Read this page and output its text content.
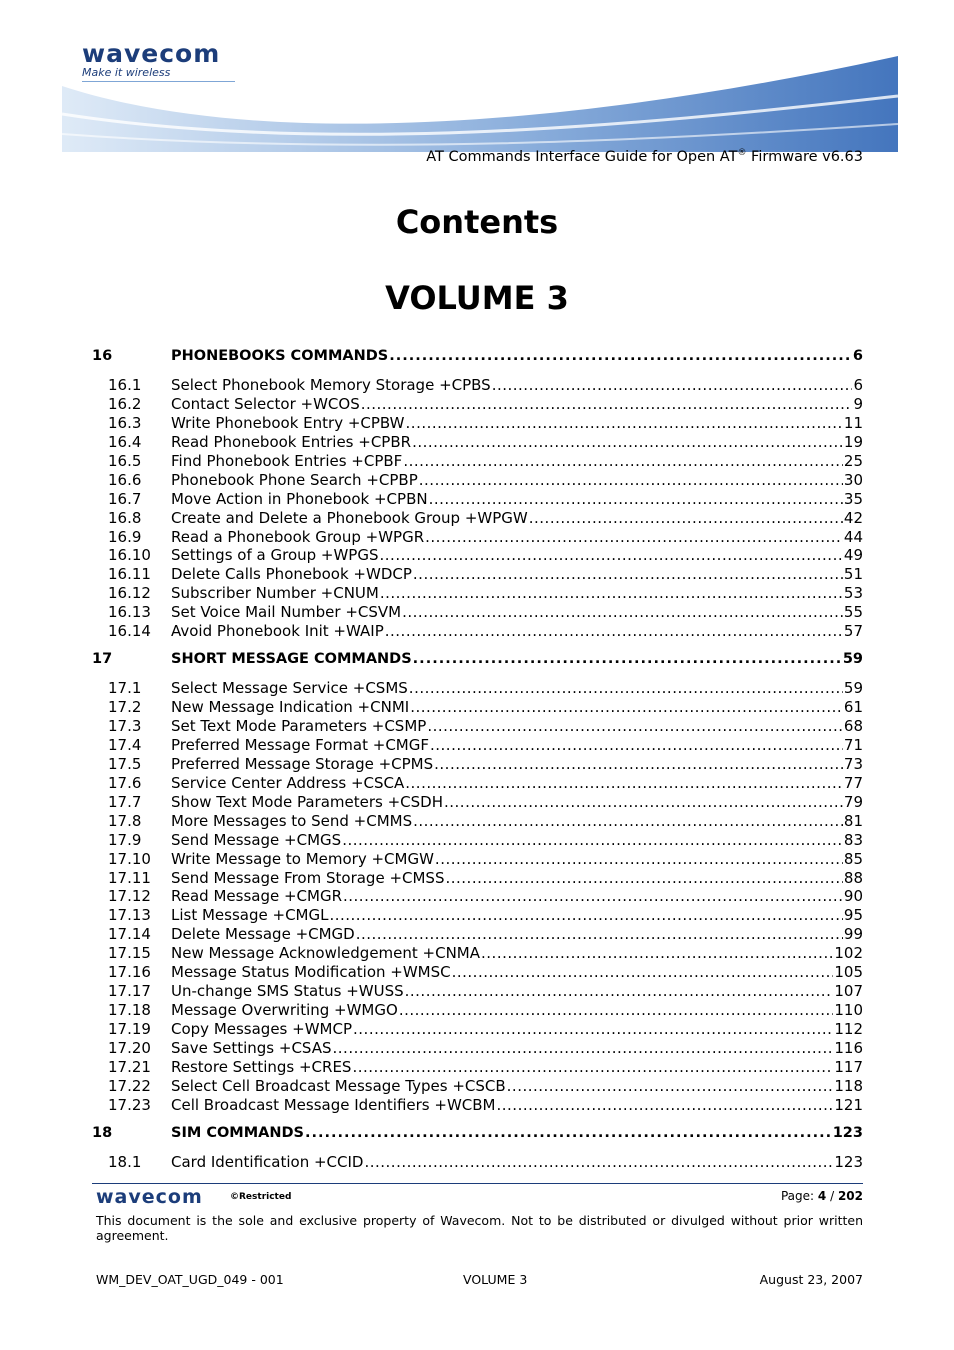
wavecom
Make it wireless
AT Commands Interface Guide for Open AT® Firmware v6.63
Contents
VOLUME 3
16	PHONEBOOKS COMMANDS .....	6
16.1	Select Phonebook Memory Storage +CPBS .....	6
16.2	Contact Selector +WCOS .....	9
16.3	Write Phonebook Entry +CPBW .....	11
16.4	Read Phonebook Entries +CPBR .....	19
16.5	Find Phonebook Entries +CPBF .....	25
16.6	Phonebook Phone Search +CPBP .....	30
16.7	Move Action in Phonebook +CPBN .....	35
16.8	Create and Delete a Phonebook Group +WPGW .....	42
16.9	Read a Phonebook Group +WPGR .....	44
16.10	Settings of a Group +WPGS .....	49
16.11	Delete Calls Phonebook +WDCP .....	51
16.12	Subscriber Number +CNUM .....	53
16.13	Set Voice Mail Number +CSVM .....	55
16.14	Avoid Phonebook Init +WAIP .....	57
17	SHORT MESSAGE COMMANDS .....	59
17.1	Select Message Service +CSMS .....	59
17.2	New Message Indication +CNMI .....	61
17.3	Set Text Mode Parameters +CSMP .....	68
17.4	Preferred Message Format +CMGF .....	71
17.5	Preferred Message Storage +CPMS .....	73
17.6	Service Center Address +CSCA .....	77
17.7	Show Text Mode Parameters +CSDH .....	79
17.8	More Messages to Send +CMMS .....	81
17.9	Send Message +CMGS .....	83
17.10	Write Message to Memory +CMGW .....	85
17.11	Send Message From Storage +CMSS .....	88
17.12	Read Message +CMGR .....	90
17.13	List Message +CMGL .....	95
17.14	Delete Message +CMGD .....	99
17.15	New Message Acknowledgement +CNMA .....	102
17.16	Message Status Modification +WMSC .....	105
17.17	Un-change SMS Status +WUSS .....	107
17.18	Message Overwriting +WMGO .....	110
17.19	Copy Messages +WMCP .....	112
17.20	Save Settings +CSAS .....	116
17.21	Restore Settings +CRES .....	117
17.22	Select Cell Broadcast Message Types +CSCB .....	118
17.23	Cell Broadcast Message Identifiers +WCBM .....	121
18	SIM COMMANDS .....	123
18.1	Card Identification +CCID .....	123
wavecom	©Restricted	Page: 4 / 202
This document is the sole and exclusive property of Wavecom. Not to be distributed or divulged without prior written agreement.
WM_DEV_OAT_UGD_049 - 001	VOLUME 3	August 23, 2007
